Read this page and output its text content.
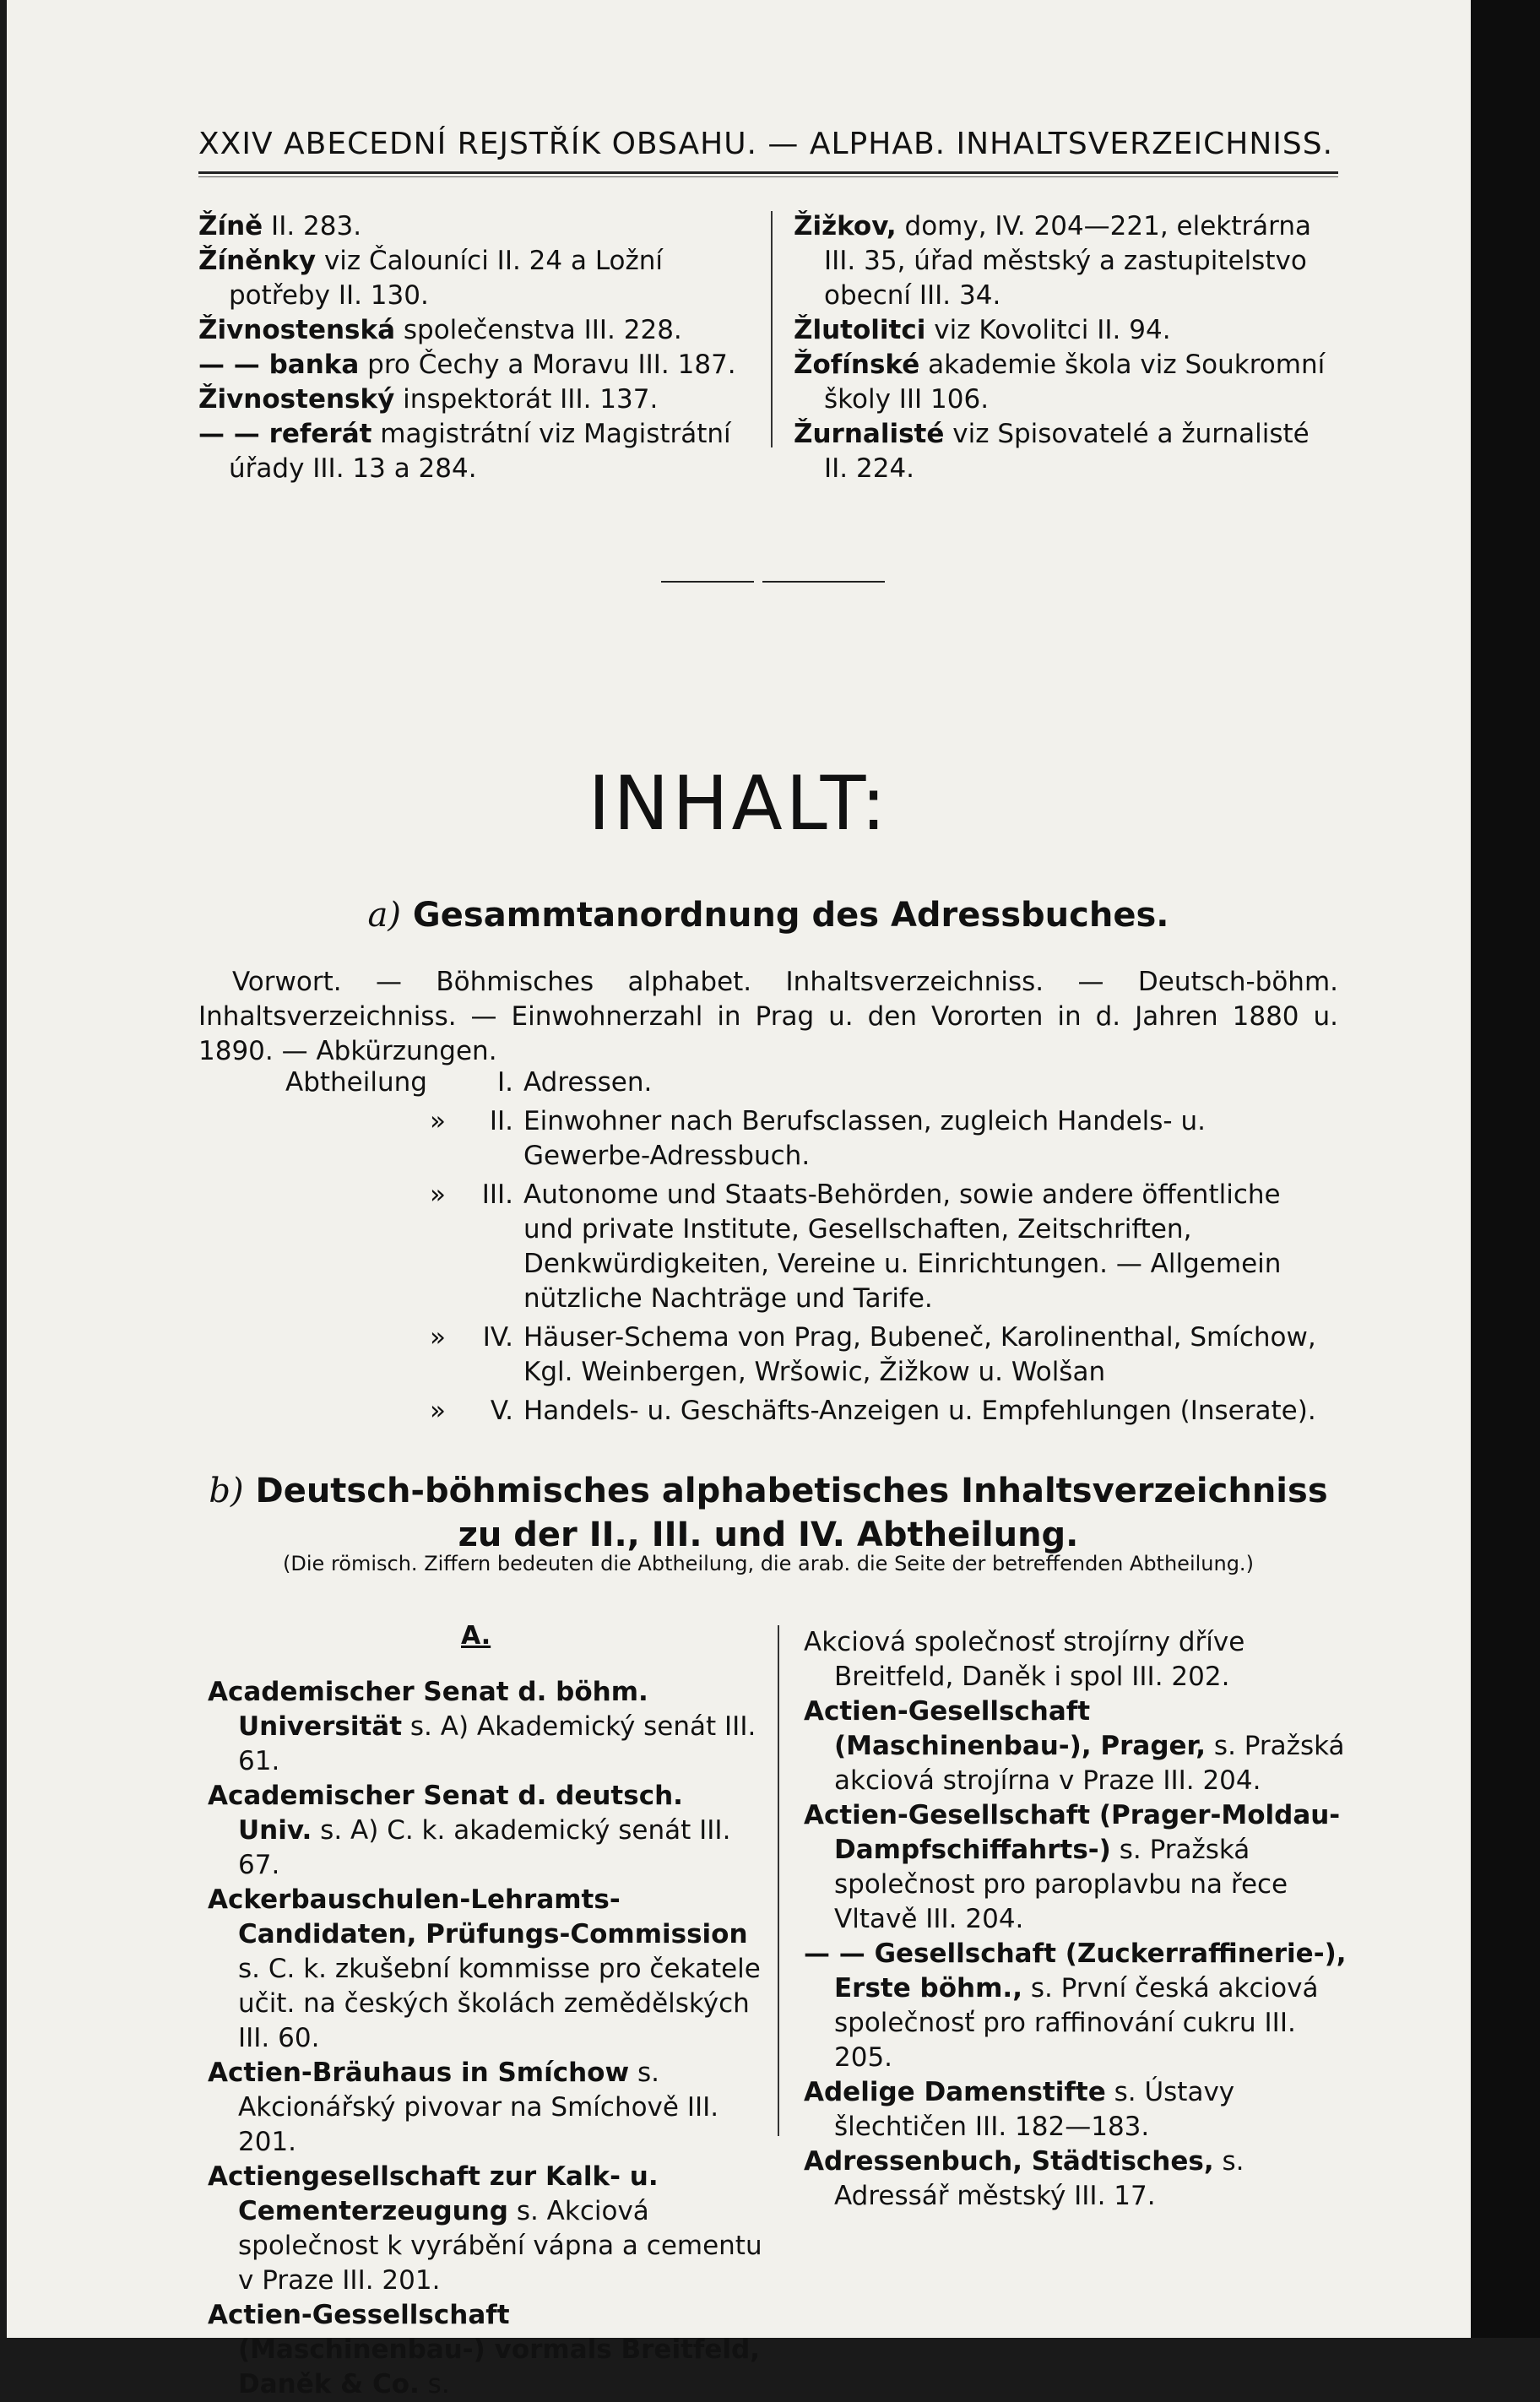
XXIV ABECEDNÍ REJSTŘÍK OBSAHU. — ALPHAB. INHALTSVERZEICHNISS.

Žíně II. 283.

Žíněnky viz Čalouníci II. 24 a Ložní potřeby II. 130.

Živnostenská společenstva III. 228.

— — banka pro Čechy a Moravu III. 187.

Živnostenský inspektorát III. 137.

— — referát magistrátní viz Magistrátní úřady III. 13 a 284.

Žižkov, domy, IV. 204—221, elektrárna III. 35, úřad městský a zastupitelstvo obecní III. 34.

Žlutolitci viz Kovolitci II. 94.

Žofínské akademie škola viz Soukromní školy III 106.

Žurnalisté viz Spisovatelé a žurnalisté II. 224.

INHALT:
a) Gesammtanordnung des Adressbuches.

Vorwort. — Böhmisches alphabet. Inhaltsverzeichniss. — Deutsch-böhm. Inhaltsverzeichniss. — Einwohnerzahl in Prag u. den Vororten in d. Jahren 1880 u. 1890. — Abkürzungen.

Abtheilung	I.	Adressen.
»	II.	Einwohner nach Berufsclassen, zugleich Handels- u. Gewerbe-Adressbuch.
»	III.	Autonome und Staats-Behörden, sowie andere öffentliche und private Institute, Gesellschaften, Zeitschriften, Denkwürdigkeiten, Vereine u. Einrichtungen. — Allgemein nützliche Nachträge und Tarife.
»	IV.	Häuser-Schema von Prag, Bubeneč, Karolinenthal, Smíchow, Kgl. Weinbergen, Wršowic, Žižkow u. Wolšan
»	V.	Handels- u. Geschäfts-Anzeigen u. Empfehlungen (Inserate).
b) Deutsch-böhmisches alphabetisches Inhaltsverzeichniss zu der II., III. und IV. Abtheilung.
(Die römisch. Ziffern bedeuten die Abtheilung, die arab. die Seite der betreffenden Abtheilung.)
A.

Academischer Senat d. böhm. Universität s. A) Akademický senát III. 61.

Academischer Senat d. deutsch. Univ. s. A) C. k. akademický senát III. 67.

Ackerbauschulen-Lehramts-Candidaten, Prüfungs-Commission s. C. k. zkušební kommisse pro čekatele učit. na českých školách zemědělských III. 60.

Actien-Bräuhaus in Smíchow s. Akcionářský pivovar na Smíchově III. 201.

Actiengesellschaft zur Kalk- u. Cementerzeugung s. Akciová společnost k vyrábění vápna a cementu v Praze III. 201.

Actien-Gessellschaft (Maschinenbau-) vormals Breitfeld, Daněk & Co. s.

Akciová společnosť strojírny dříve Breitfeld, Daněk i spol III. 202.

Actien-Gesellschaft (Maschinenbau-), Prager, s. Pražská akciová strojírna v Praze III. 204.

Actien-Gesellschaft (Prager-Moldau-Dampfschiffahrts-) s. Pražská společnost pro paroplavbu na řece Vltavě III. 204.

— — Gesellschaft (Zuckerraffinerie-), Erste böhm., s. První česká akciová společnosť pro raffinování cukru III. 205.

Adelige Damenstifte s. Ústavy šlechtičen III. 182—183.

Adressenbuch, Städtisches, s. Adressář městský III. 17.
